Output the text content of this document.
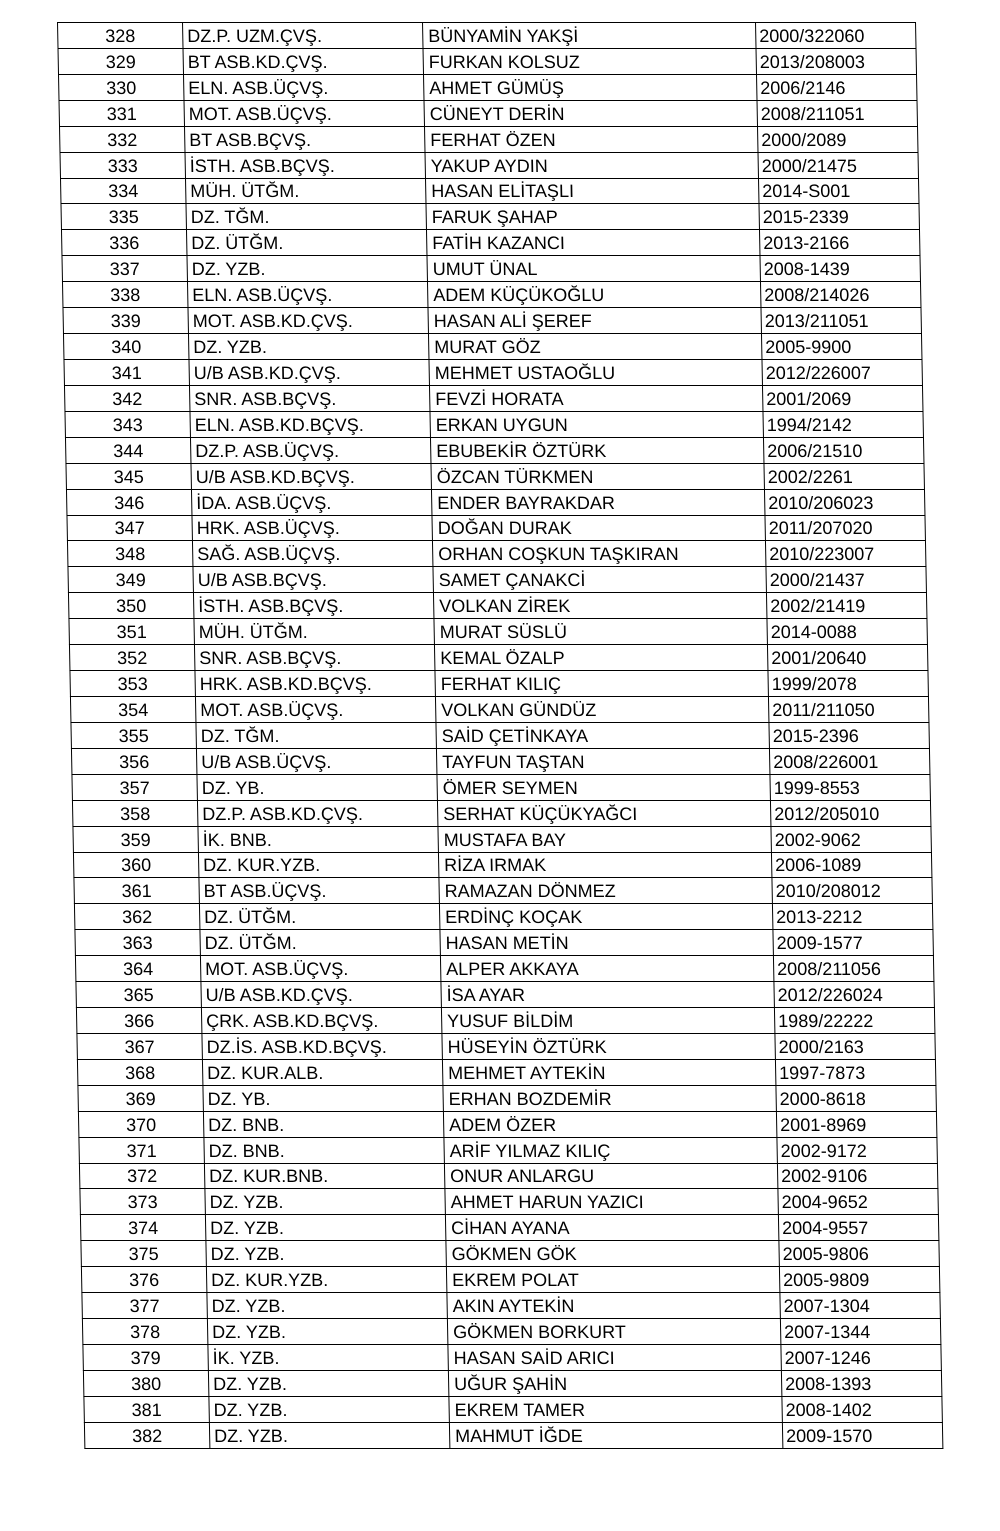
328	DZ.P. UZM.ÇVŞ.	BÜNYAMİN YAKŞİ	2000/322060
329	BT ASB.KD.ÇVŞ.	FURKAN KOLSUZ	2013/208003
330	ELN. ASB.ÜÇVŞ.	AHMET GÜMÜŞ	2006/2146
331	MOT. ASB.ÜÇVŞ.	CÜNEYT DERİN	2008/211051
332	BT ASB.BÇVŞ.	FERHAT ÖZEN	2000/2089
333	İSTH. ASB.BÇVŞ.	YAKUP AYDIN	2000/21475
334	MÜH. ÜTĞM.	HASAN ELİTAŞLI	2014-S001
335	DZ. TĞM.	FARUK ŞAHAP	2015-2339
336	DZ. ÜTĞM.	FATİH KAZANCI	2013-2166
337	DZ. YZB.	UMUT ÜNAL	2008-1439
338	ELN. ASB.ÜÇVŞ.	ADEM KÜÇÜKOĞLU	2008/214026
339	MOT. ASB.KD.ÇVŞ.	HASAN ALİ ŞEREF	2013/211051
340	DZ. YZB.	MURAT GÖZ	2005-9900
341	U/B ASB.KD.ÇVŞ.	MEHMET USTAOĞLU	2012/226007
342	SNR. ASB.BÇVŞ.	FEVZİ HORATA	2001/2069
343	ELN. ASB.KD.BÇVŞ.	ERKAN UYGUN	1994/2142
344	DZ.P. ASB.ÜÇVŞ.	EBUBEKİR ÖZTÜRK	2006/21510
345	U/B ASB.KD.BÇVŞ.	ÖZCAN TÜRKMEN	2002/2261
346	İDA. ASB.ÜÇVŞ.	ENDER BAYRAKDAR	2010/206023
347	HRK. ASB.ÜÇVŞ.	DOĞAN DURAK	2011/207020
348	SAĞ. ASB.ÜÇVŞ.	ORHAN COŞKUN TAŞKIRAN	2010/223007
349	U/B ASB.BÇVŞ.	SAMET ÇANAKCİ	2000/21437
350	İSTH. ASB.BÇVŞ.	VOLKAN ZİREK	2002/21419
351	MÜH. ÜTĞM.	MURAT SÜSLÜ	2014-0088
352	SNR. ASB.BÇVŞ.	KEMAL ÖZALP	2001/20640
353	HRK. ASB.KD.BÇVŞ.	FERHAT KILIÇ	1999/2078
354	MOT. ASB.ÜÇVŞ.	VOLKAN GÜNDÜZ	2011/211050
355	DZ. TĞM.	SAİD ÇETİNKAYA	2015-2396
356	U/B ASB.ÜÇVŞ.	TAYFUN TAŞTAN	2008/226001
357	DZ. YB.	ÖMER SEYMEN	1999-8553
358	DZ.P. ASB.KD.ÇVŞ.	SERHAT KÜÇÜKYAĞCI	2012/205010
359	İK. BNB.	MUSTAFA BAY	2002-9062
360	DZ. KUR.YZB.	RİZA IRMAK	2006-1089
361	BT ASB.ÜÇVŞ.	RAMAZAN DÖNMEZ	2010/208012
362	DZ. ÜTĞM.	ERDİNÇ KOÇAK	2013-2212
363	DZ. ÜTĞM.	HASAN METİN	2009-1577
364	MOT. ASB.ÜÇVŞ.	ALPER AKKAYA	2008/211056
365	U/B ASB.KD.ÇVŞ.	İSA AYAR	2012/226024
366	ÇRK. ASB.KD.BÇVŞ.	YUSUF BİLDİM	1989/22222
367	DZ.İS. ASB.KD.BÇVŞ.	HÜSEYİN ÖZTÜRK	2000/2163
368	DZ. KUR.ALB.	MEHMET AYTEKİN	1997-7873
369	DZ. YB.	ERHAN BOZDEMİR	2000-8618
370	DZ. BNB.	ADEM ÖZER	2001-8969
371	DZ. BNB.	ARİF YILMAZ KILIÇ	2002-9172
372	DZ. KUR.BNB.	ONUR ANLARGU	2002-9106
373	DZ. YZB.	AHMET HARUN YAZICI	2004-9652
374	DZ. YZB.	CİHAN AYANA	2004-9557
375	DZ. YZB.	GÖKMEN GÖK	2005-9806
376	DZ. KUR.YZB.	EKREM POLAT	2005-9809
377	DZ. YZB.	AKIN AYTEKİN	2007-1304
378	DZ. YZB.	GÖKMEN BORKURT	2007-1344
379	İK. YZB.	HASAN SAİD ARICI	2007-1246
380	DZ. YZB.	UĞUR ŞAHİN	2008-1393
381	DZ. YZB.	EKREM TAMER	2008-1402
382	DZ. YZB.	MAHMUT İĞDE	2009-1570
